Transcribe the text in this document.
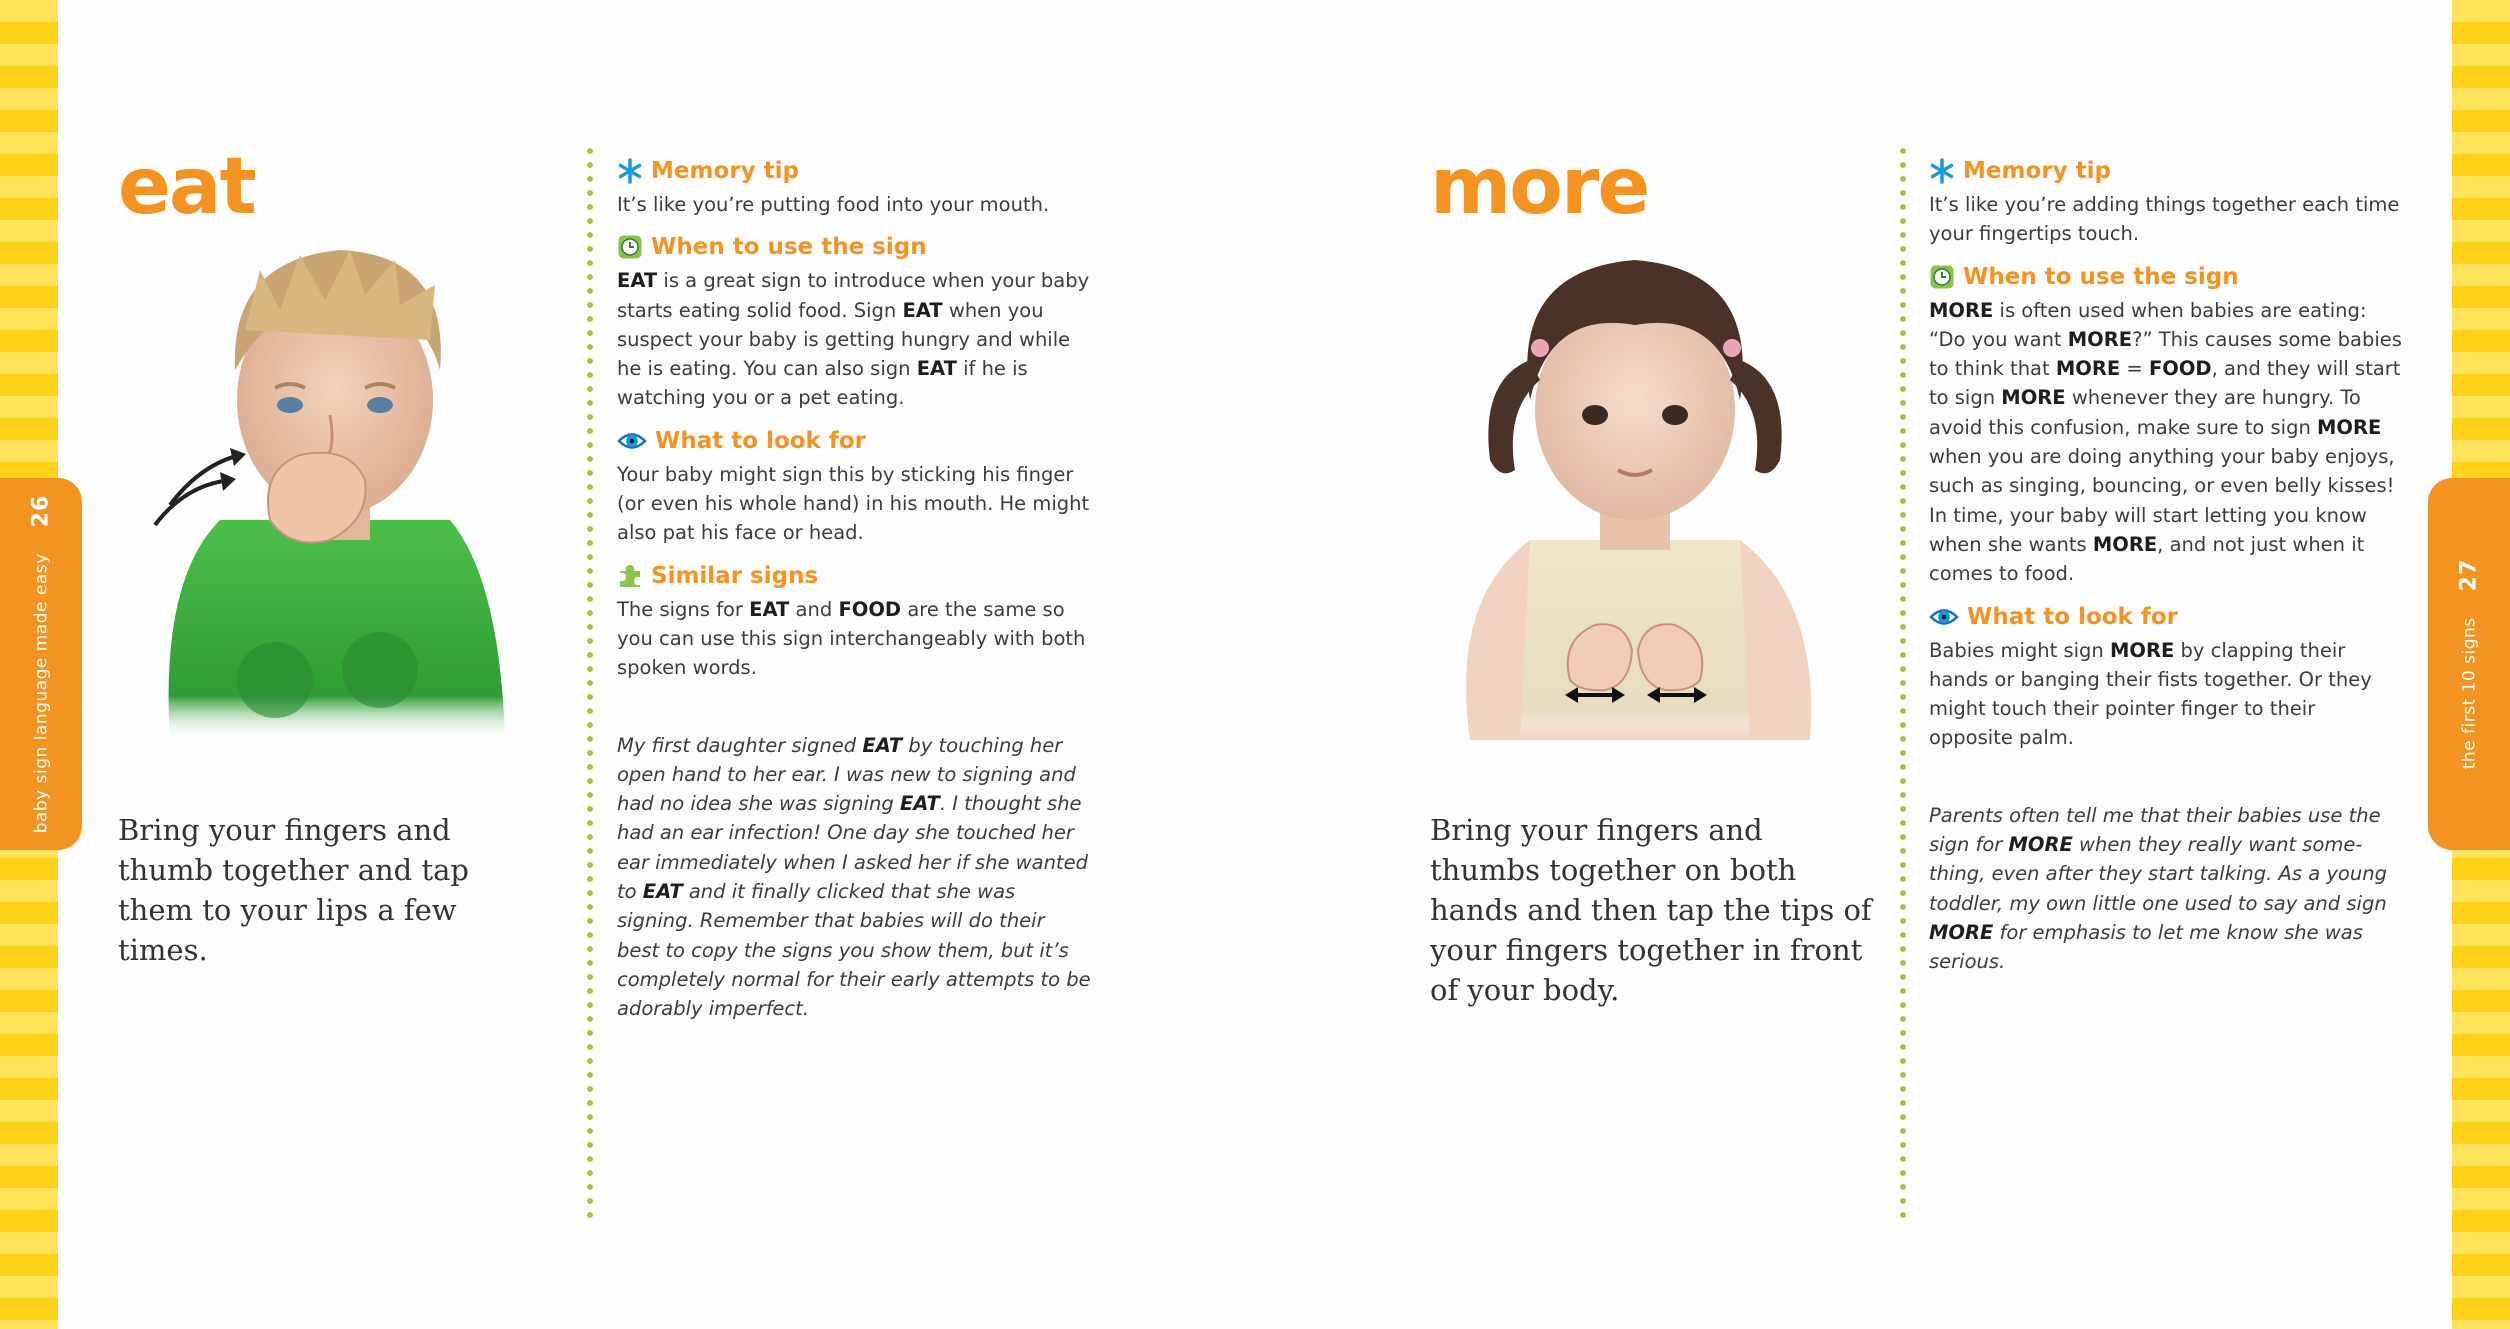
baby sign language made easy
26
the first 10 signs
27
eat
Bring your fingers and thumb together and tap them to your lips a few times.
Memory tip
It’s like you’re putting food into your mouth.
When to use the sign
EAT is a great sign to introduce when your baby starts eating solid food. Sign EAT when you suspect your baby is getting hungry and while he is eating. You can also sign EAT if he is watching you or a pet eating.
What to look for
Your baby might sign this by sticking his finger (or even his whole hand) in his mouth. He might also pat his face or head.
Similar signs
The signs for EAT and FOOD are the same so you can use this sign interchangeably with both spoken words.
My first daughter signed EAT by touching her open hand to her ear. I was new to signing and had no idea she was signing EAT. I thought she had an ear infection! One day she touched her ear immediately when I asked her if she wanted to EAT and it finally clicked that she was signing. Remember that babies will do their best to copy the signs you show them, but it’s completely normal for their early attempts to be adorably imperfect.
more
Bring your fingers and thumbs together on both hands and then tap the tips of your fingers together in front of your body.
Memory tip
It’s like you’re adding things together each time your fingertips touch.
When to use the sign
MORE is often used when babies are eating: “Do you want MORE?” This causes some babies to think that MORE = FOOD, and they will start to sign MORE whenever they are hungry. To avoid this confusion, make sure to sign MORE when you are doing anything your baby enjoys, such as singing, bouncing, or even belly kisses! In time, your baby will start letting you know when she wants MORE, and not just when it comes to food.
What to look for
Babies might sign MORE by clapping their hands or banging their fists together. Or they might touch their pointer finger to their opposite palm.
Parents often tell me that their babies use the sign for MORE when they really want some-thing, even after they start talking. As a young toddler, my own little one used to say and sign MORE for emphasis to let me know she was serious.
